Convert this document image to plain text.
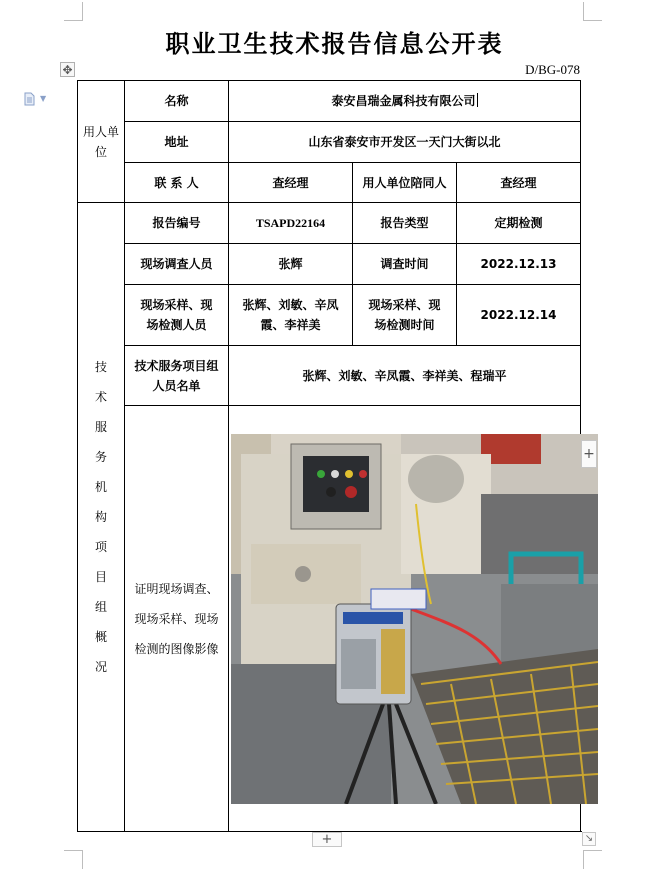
✥
▼
职业卫生技术报告信息公开表
D/BG-078
用人单位	名称	泰安昌瑞金属科技有限公司		
	地址	山东省泰安市开发区一天门大街以北		
	联 系 人	查经理	用人单位陪同人	查经理
技术服务机构项目组概况	报告编号	TSAPD22164	报告类型	定期检测
	现场调查人员	张辉	调查时间	2022.12.13
	现场采样、现场检测人员	张辉、刘敏、辛凤霞、李祥美	现场采样、现场检测时间	2022.12.14
	技术服务项目组人员名单	张辉、刘敏、辛凤霞、李祥美、程瑞平		
	证明现场调查、现场采样、现场检测的图像影像	
+
+	↘
